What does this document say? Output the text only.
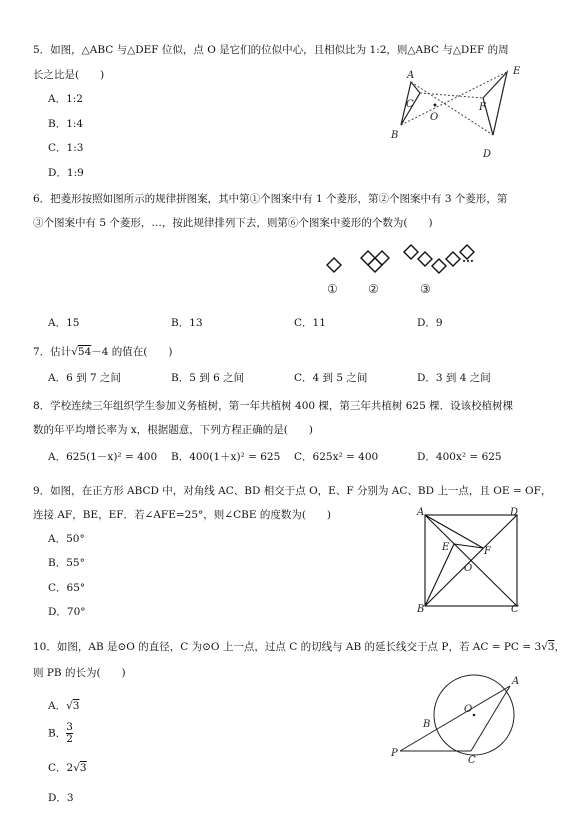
5．如图，△ABC 与△DEF 位似，点 O 是它们的位似中心，且相似比为 1:2，则△ABC 与△DEF 的周
长之比是(　　)
A．1:2
B．1:4
C．1:3
D．1:9
A
C
O
B
E
F
D
6．把菱形按照如图所示的规律拼图案，其中第①个图案中有 1 个菱形，第②个图案中有 3 个菱形，第
③个图案中有 5 个菱形，…，按此规律排列下去，则第⑥个图案中菱形的个数为(　　)
…
①	②	③
A．15	B．13	C．11	D．9
7．估计√54－4 的值在(　　)
A．6 到 7 之间	B．5 到 6 之间	C．4 到 5 之间	D．3 到 4 之间
8．学校连续三年组织学生参加义务植树，第一年共植树 400 棵，第三年共植树 625 棵．设该校植树棵
数的年平均增长率为 x，根据题意，下列方程正确的是(　　)
A．625(1－x)² = 400 B．400(1＋x)² = 625 C．625x² = 400	D．400x² = 625
9．如图，在正方形 ABCD 中，对角线 AC、BD 相交于点 O，E、F 分别为 AC、BD 上一点，且 OE = OF，
连接 AF，BE，EF．若∠AFE=25°，则∠CBE 的度数为(　　)
A．50°
B．55°
C．65°
D．70°
A	D
E	F
O
B	C
10．如图，AB 是⊙O 的直径，C 为⊙O 上一点，过点 C 的切线与 AB 的延长线交于点 P，若 AC = PC = 3√3，
则 PB 的长为(　　)
A．√3
B． $\frac{3}{2}$
C．2√3
D．3
O
A
B
P
C
